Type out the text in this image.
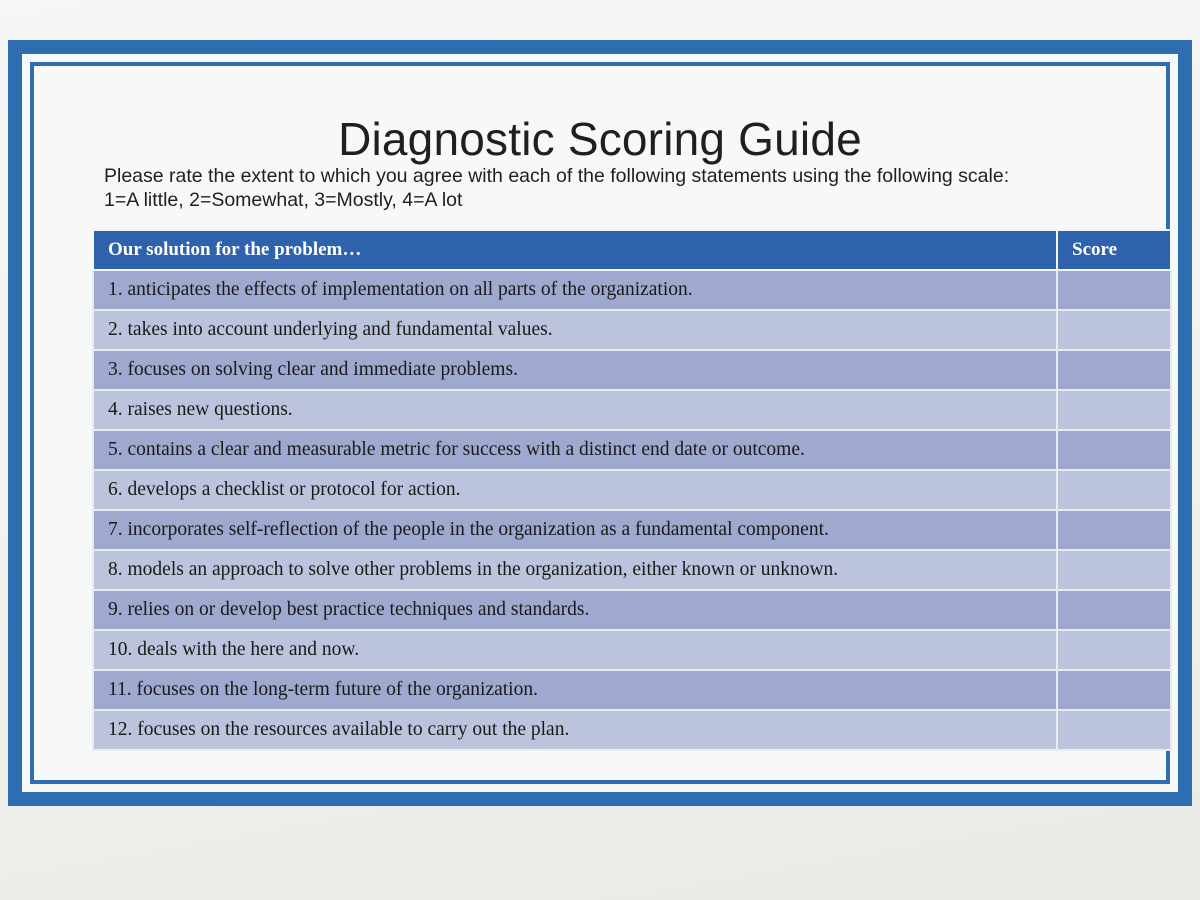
Diagnostic Scoring Guide
Please rate the extent to which you agree with each of the following statements using the following scale:
1=A little, 2=Somewhat, 3=Mostly, 4=A lot
Our solution for the problem…	Score
1. anticipates the effects of implementation on all parts of the organization.	
2. takes into account underlying and fundamental values.	
3. focuses on solving clear and immediate problems.	
4. raises new questions.	
5. contains a clear and measurable metric for success with a distinct end date or outcome.	
6. develops a checklist or protocol for action.	
7. incorporates self-reflection of the people in the organization as a fundamental component.	
8. models an approach to solve other problems in the organization, either known or unknown.	
9. relies on or develop best practice techniques and standards.	
10. deals with the here and now.	
11. focuses on the long-term future of the organization.	
12. focuses on the resources available to carry out the plan.	
